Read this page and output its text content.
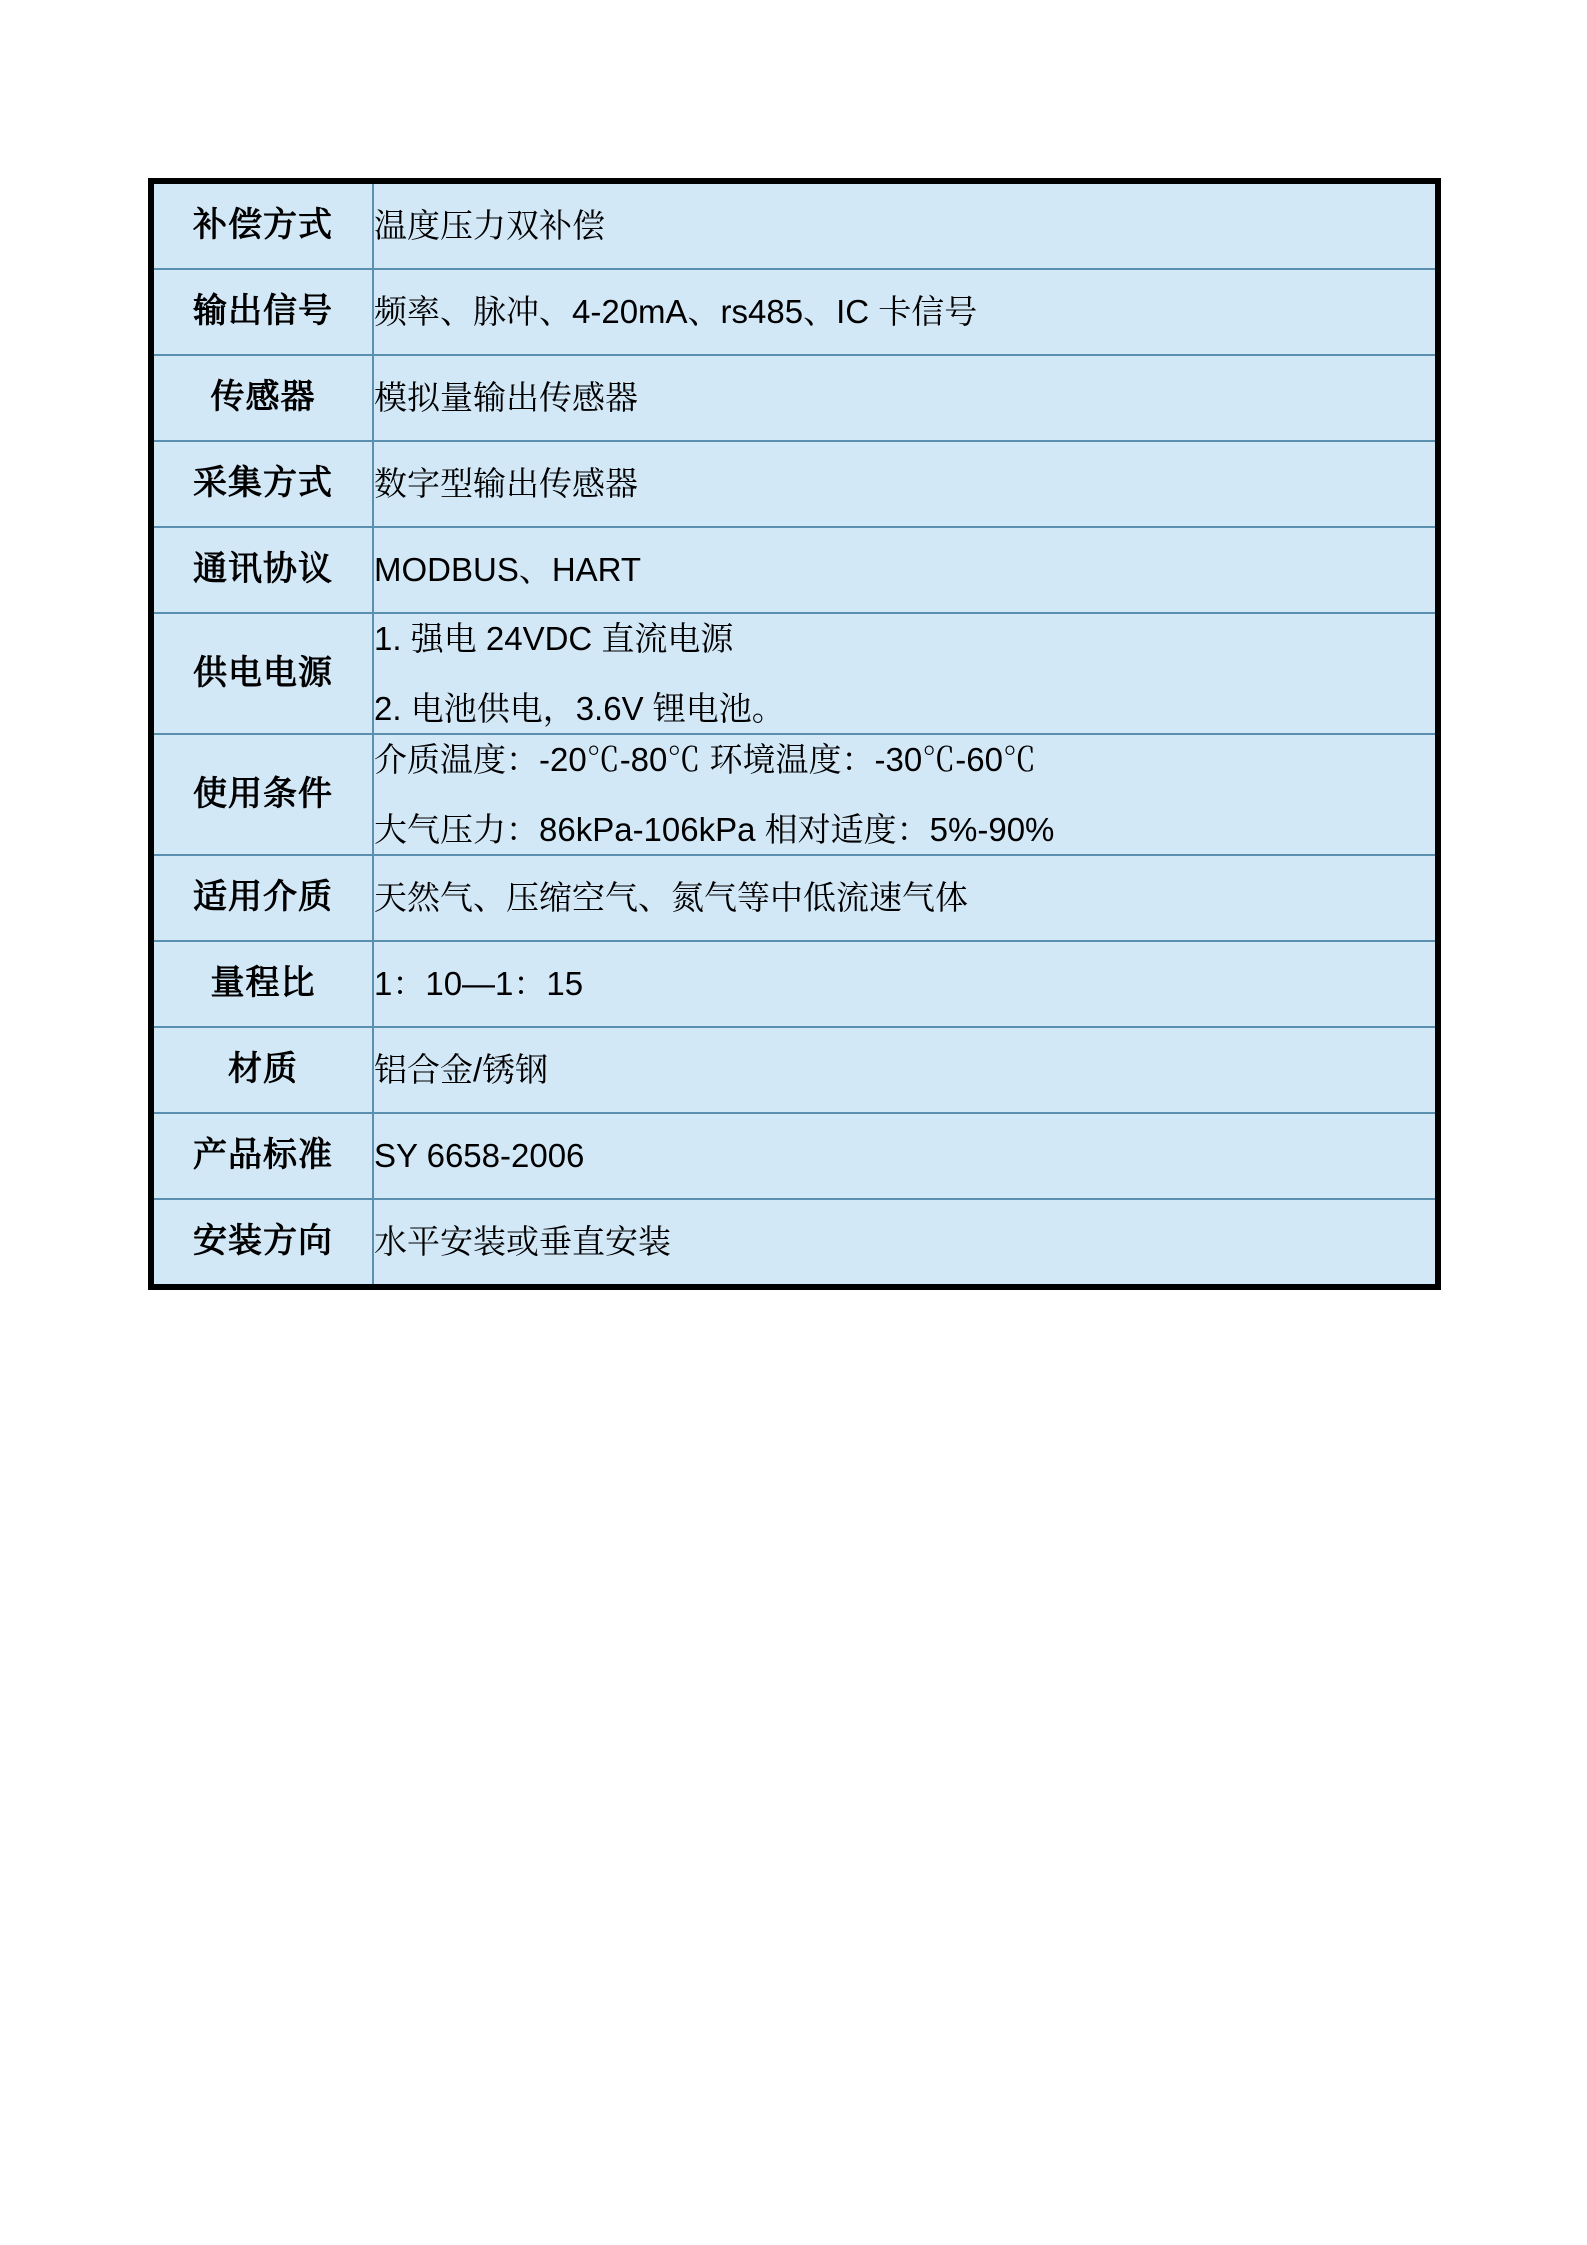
补偿方式	温度压力双补偿

输出信号	频率、脉冲、4-20mA、rs485、IC 卡信号

传感器	模拟量输出传感器

采集方式	数字型输出传感器

通讯协议	MODBUS、HART

供电电源	1. 强电 24VDC 直流电源
2. 电池供电，3.6V 锂电池。

使用条件	介质温度：-20℃-80℃ 环境温度：-30℃-60℃
大气压力：86kPa-106kPa 相对适度：5%-90%

适用介质	天然气、压缩空气、氮气等中低流速气体

量程比	1：10—1：15

材质	铝合金/锈钢

产品标准	SY 6658-2006

安装方向	水平安装或垂直安装
